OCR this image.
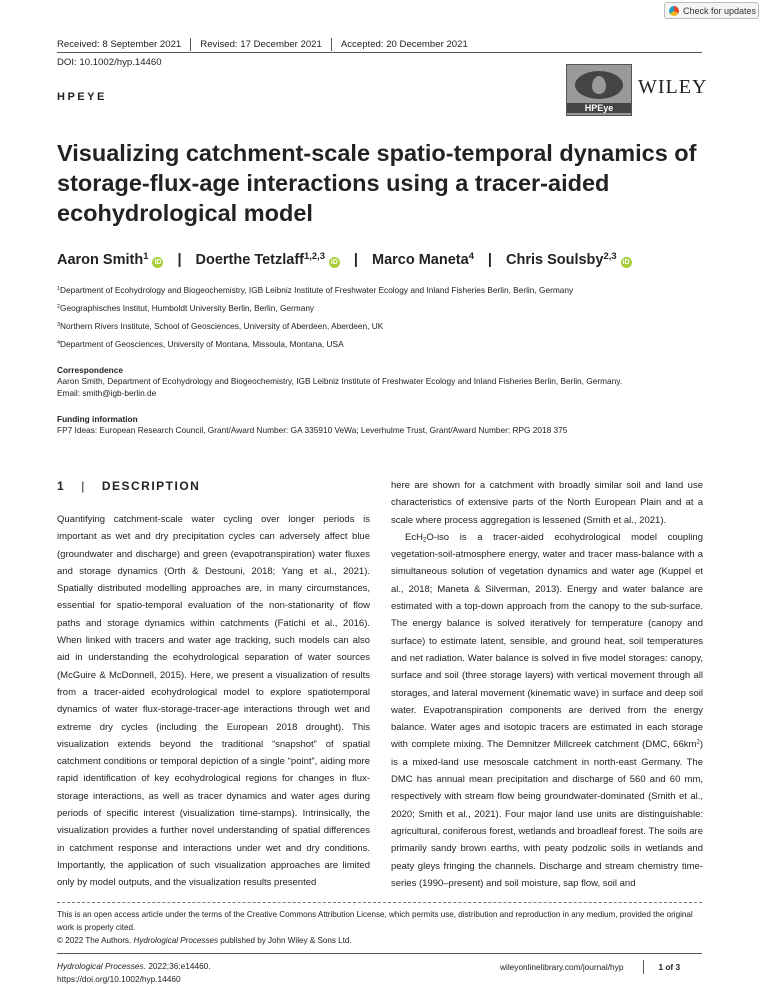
Check for updates
Received: 8 September 2021 Revised: 17 December 2021 Accepted: 20 December 2021
DOI: 10.1002/hyp.14460
HPEYE
HPEye
WILEY
Visualizing catchment-scale spatio-temporal dynamics of storage-flux-age interactions using a tracer-aided ecohydrological model
Aaron Smith$^1$
iD | Doerthe Tetzlaff$^{1,2,3}$
iD | Marco Maneta$^4$ | Chris Soulsby$^{2,3}$
iD
$^1$Department of Ecohydrology and Biogeochemistry, IGB Leibniz Institute of Freshwater Ecology and Inland Fisheries Berlin, Berlin, Germany
$^2$Geographisches Institut, Humboldt University Berlin, Berlin, Germany
$^3$Northern Rivers Institute, School of Geosciences, University of Aberdeen, Aberdeen, UK
$^4$Department of Geosciences, University of Montana, Missoula, Montana, USA
Correspondence
Aaron Smith, Department of Ecohydrology and Biogeochemistry, IGB Leibniz Institute of Freshwater Ecology and Inland Fisheries Berlin, Berlin, Germany.
Email: smith@igb-berlin.de
Funding information
FP7 Ideas: European Research Council, Grant/Award Number: GA 335910 VeWa; Leverhulme Trust, Grant/Award Number: RPG 2018 375
1 | DESCRIPTION

Quantifying catchment-scale water cycling over longer periods is important as wet and dry precipitation cycles can adversely affect blue (groundwater and discharge) and green (evapotranspiration) water fluxes and storage dynamics (Orth & Destouni, 2018; Yang et al., 2021). Spatially distributed modelling approaches are, in many circumstances, essential for spatio-temporal evaluation of the non-stationarity of flow paths and storage dynamics within catchments (Fatichi et al., 2016). When linked with tracers and water age tracking, such models can also aid in understanding the ecohydrological separation of water sources (McGuire & McDonnell, 2015). Here, we present a visualization of results from a tracer-aided ecohydrological model to explore spatiotemporal dynamics of water flux-storage-tracer-age interactions through wet and extreme dry cycles (including the European 2018 drought). This visualization extends beyond the traditional “snapshot” of spatial catchment conditions or temporal depiction of a single “point”, aiding more rapid identification of key ecohydrological regions for changes in flux-storage interactions, as well as tracer dynamics and water ages during periods of specific interest (visualization time-stamps). Intrinsically, the visualization provides a further novel understanding of spatial differences in catchment response and interactions under wet and dry conditions. Importantly, the application of such visualization approaches are limited only by model outputs, and the visualization results presented

here are shown for a catchment with broadly similar soil and land use characteristics of extensive parts of the North European Plain and at a scale where process aggregation is lessened (Smith et al., 2021).

EcH$_2$O-iso is a tracer-aided ecohydrological model coupling vegetation-soil-atmosphere energy, water and tracer mass-balance with a simultaneous solution of vegetation dynamics and water age (Kuppel et al., 2018; Maneta & Silverman, 2013). Energy and water balance are estimated with a top-down approach from the canopy to the sub-surface. The energy balance is solved iteratively for temperature (canopy and surface) to estimate latent, sensible, and ground heat, soil temperatures and net radiation. Water balance is solved in five model storages: canopy, surface and soil (three storage layers) with vertical movement through all storages, and lateral movement (kinematic wave) in surface and deep soil water. Evapotranspiration components are derived from the energy balance. Water ages and isotopic tracers are estimated in each storage with complete mixing. The Demnitzer Millcreek catchment (DMC, $66km^2$) is a mixed-land use mesoscale catchment in north-east Germany. The DMC has annual mean precipitation and discharge of 560 and 60 mm, respectively with stream flow being groundwater-dominated (Smith et al., 2020; Smith et al., 2021). Four major land use units are distinguishable: agricultural, coniferous forest, wetlands and broadleaf forest. The soils are primarily sandy brown earths, with peaty podzolic soils in wetlands and peaty gleys fringing the channels. Discharge and stream chemistry time-series (1990–present) and soil moisture, sap flow, soil and

This is an open access article under the terms of the Creative Commons Attribution License, which permits use, distribution and reproduction in any medium, provided the original work is properly cited.
© 2022 The Authors. Hydrological Processes published by John Wiley & Sons Ltd.
Hydrological Processes. 2022;36:e14460.
https://doi.org/10.1002/hyp.14460
wileyonlinelibrary.com/journal/hyp	1 of 3
